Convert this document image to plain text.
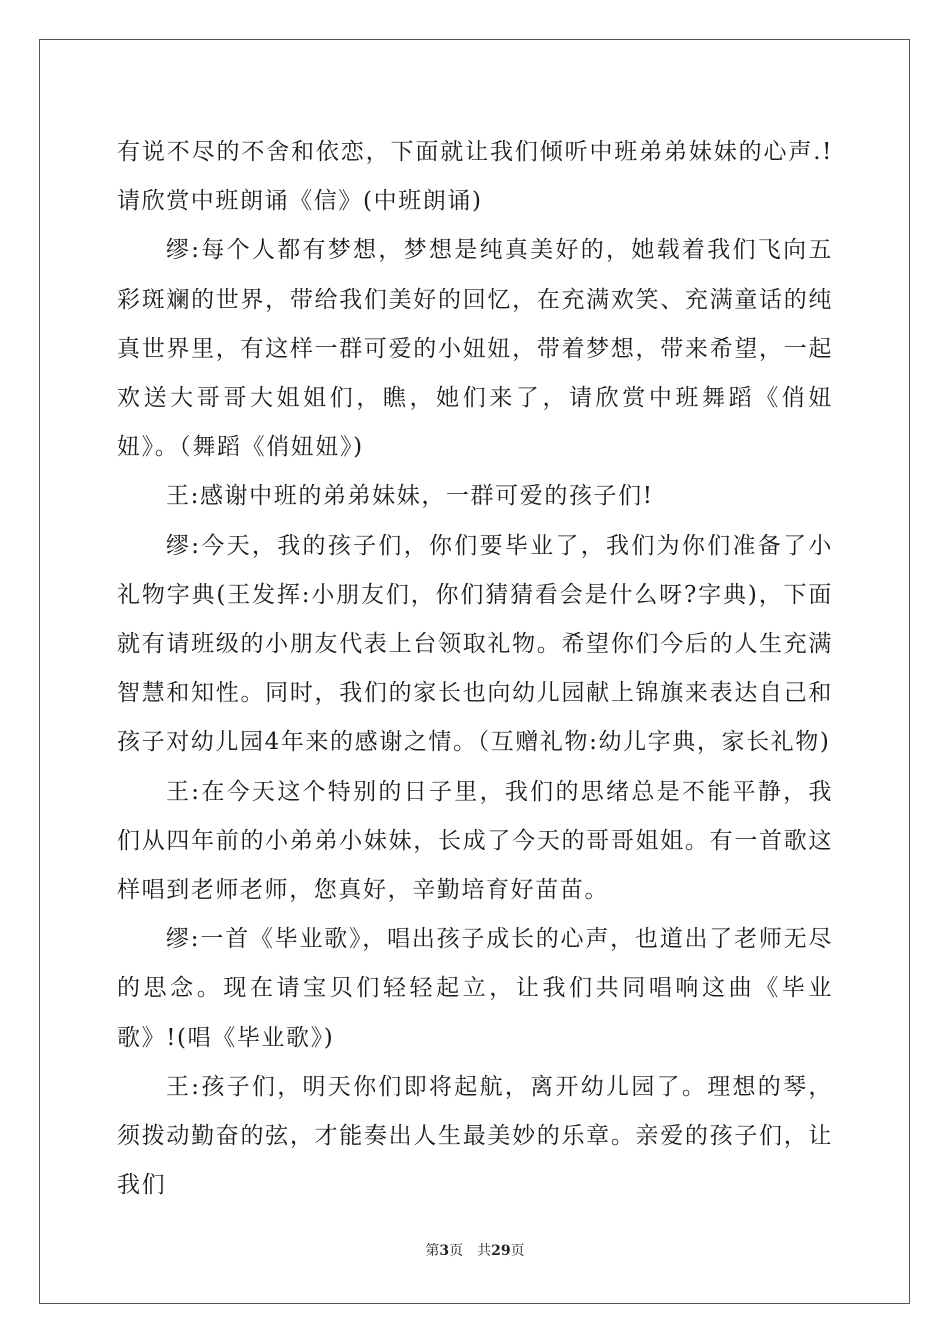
有说不尽的不舍和依恋，下面就让我们倾听中班弟弟妹妹的心声.!请欣赏中班朗诵《信》(中班朗诵)

缪:每个人都有梦想，梦想是纯真美好的，她载着我们飞向五彩斑斓的世界，带给我们美好的回忆，在充满欢笑、充满童话的纯真世界里，有这样一群可爱的小妞妞，带着梦想，带来希望，一起欢送大哥哥大姐姐们，瞧，她们来了，请欣赏中班舞蹈《俏妞妞》。（舞蹈《俏妞妞》)

王:感谢中班的弟弟妹妹，一群可爱的孩子们!

缪:今天，我的孩子们，你们要毕业了，我们为你们准备了小礼物字典(王发挥:小朋友们，你们猜猜看会是什么呀?字典)，下面就有请班级的小朋友代表上台领取礼物。希望你们今后的人生充满智慧和知性。同时，我们的家长也向幼儿园献上锦旗来表达自己和孩子对幼儿园4年来的感谢之情。（互赠礼物:幼儿字典，家长礼物)

王:在今天这个特别的日子里，我们的思绪总是不能平静，我们从四年前的小弟弟小妹妹，长成了今天的哥哥姐姐。有一首歌这样唱到老师老师，您真好，辛勤培育好苗苗。

缪:一首《毕业歌》，唱出孩子成长的心声，也道出了老师无尽的思念。现在请宝贝们轻轻起立，让我们共同唱响这曲《毕业歌》!(唱《毕业歌》)

王:孩子们，明天你们即将起航，离开幼儿园了。理想的琴，须拨动勤奋的弦，才能奏出人生最美妙的乐章。亲爱的孩子们，让我们

第3页 共29页
